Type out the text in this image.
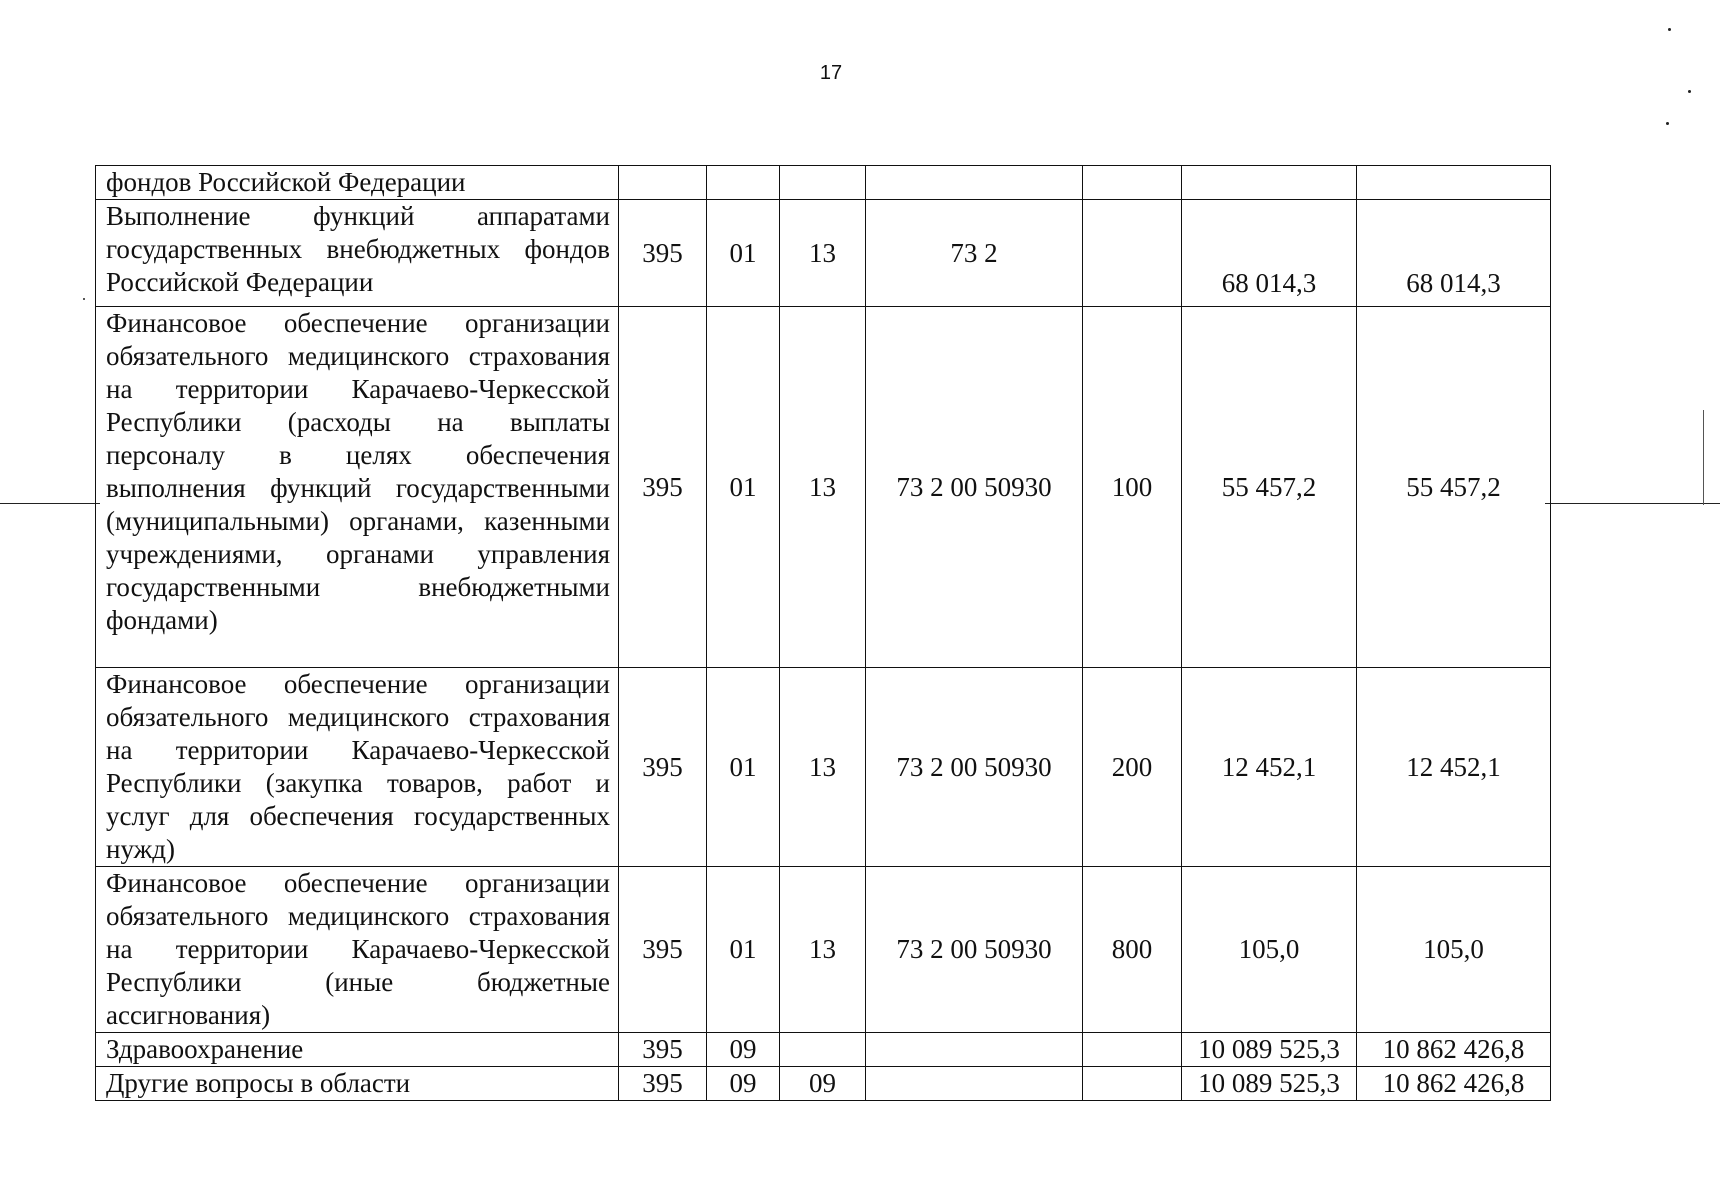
17
фондов Российской Федерации							
Выполнение функций аппаратами государственных внебюджетных фондов Российской Федерации	395	01	13	73 2		68 014,3	68 014,3
Финансовое обеспечение организации обязательного медицинского страхования на территории Карачаево-Черкесской Республики (расходы на выплаты персоналу в целях обеспечения выполнения функций государственными (муниципальными) органами, казенными учреждениями, органами управления государственными внебюджетными фондами)	395	01	13	73 2 00 50930	100	55 457,2	55 457,2
Финансовое обеспечение организации обязательного медицинского страхования на территории Карачаево-Черкесской Республики (закупка товаров, работ и услуг для обеспечения государственных нужд)	395	01	13	73 2 00 50930	200	12 452,1	12 452,1
Финансовое обеспечение организации обязательного медицинского страхования на территории Карачаево-Черкесской Республики (иные бюджетные ассигнования)	395	01	13	73 2 00 50930	800	105,0	105,0
Здравоохранение	395	09				10 089 525,3	10 862 426,8
Другие вопросы в области	395	09	09			10 089 525,3	10 862 426,8
